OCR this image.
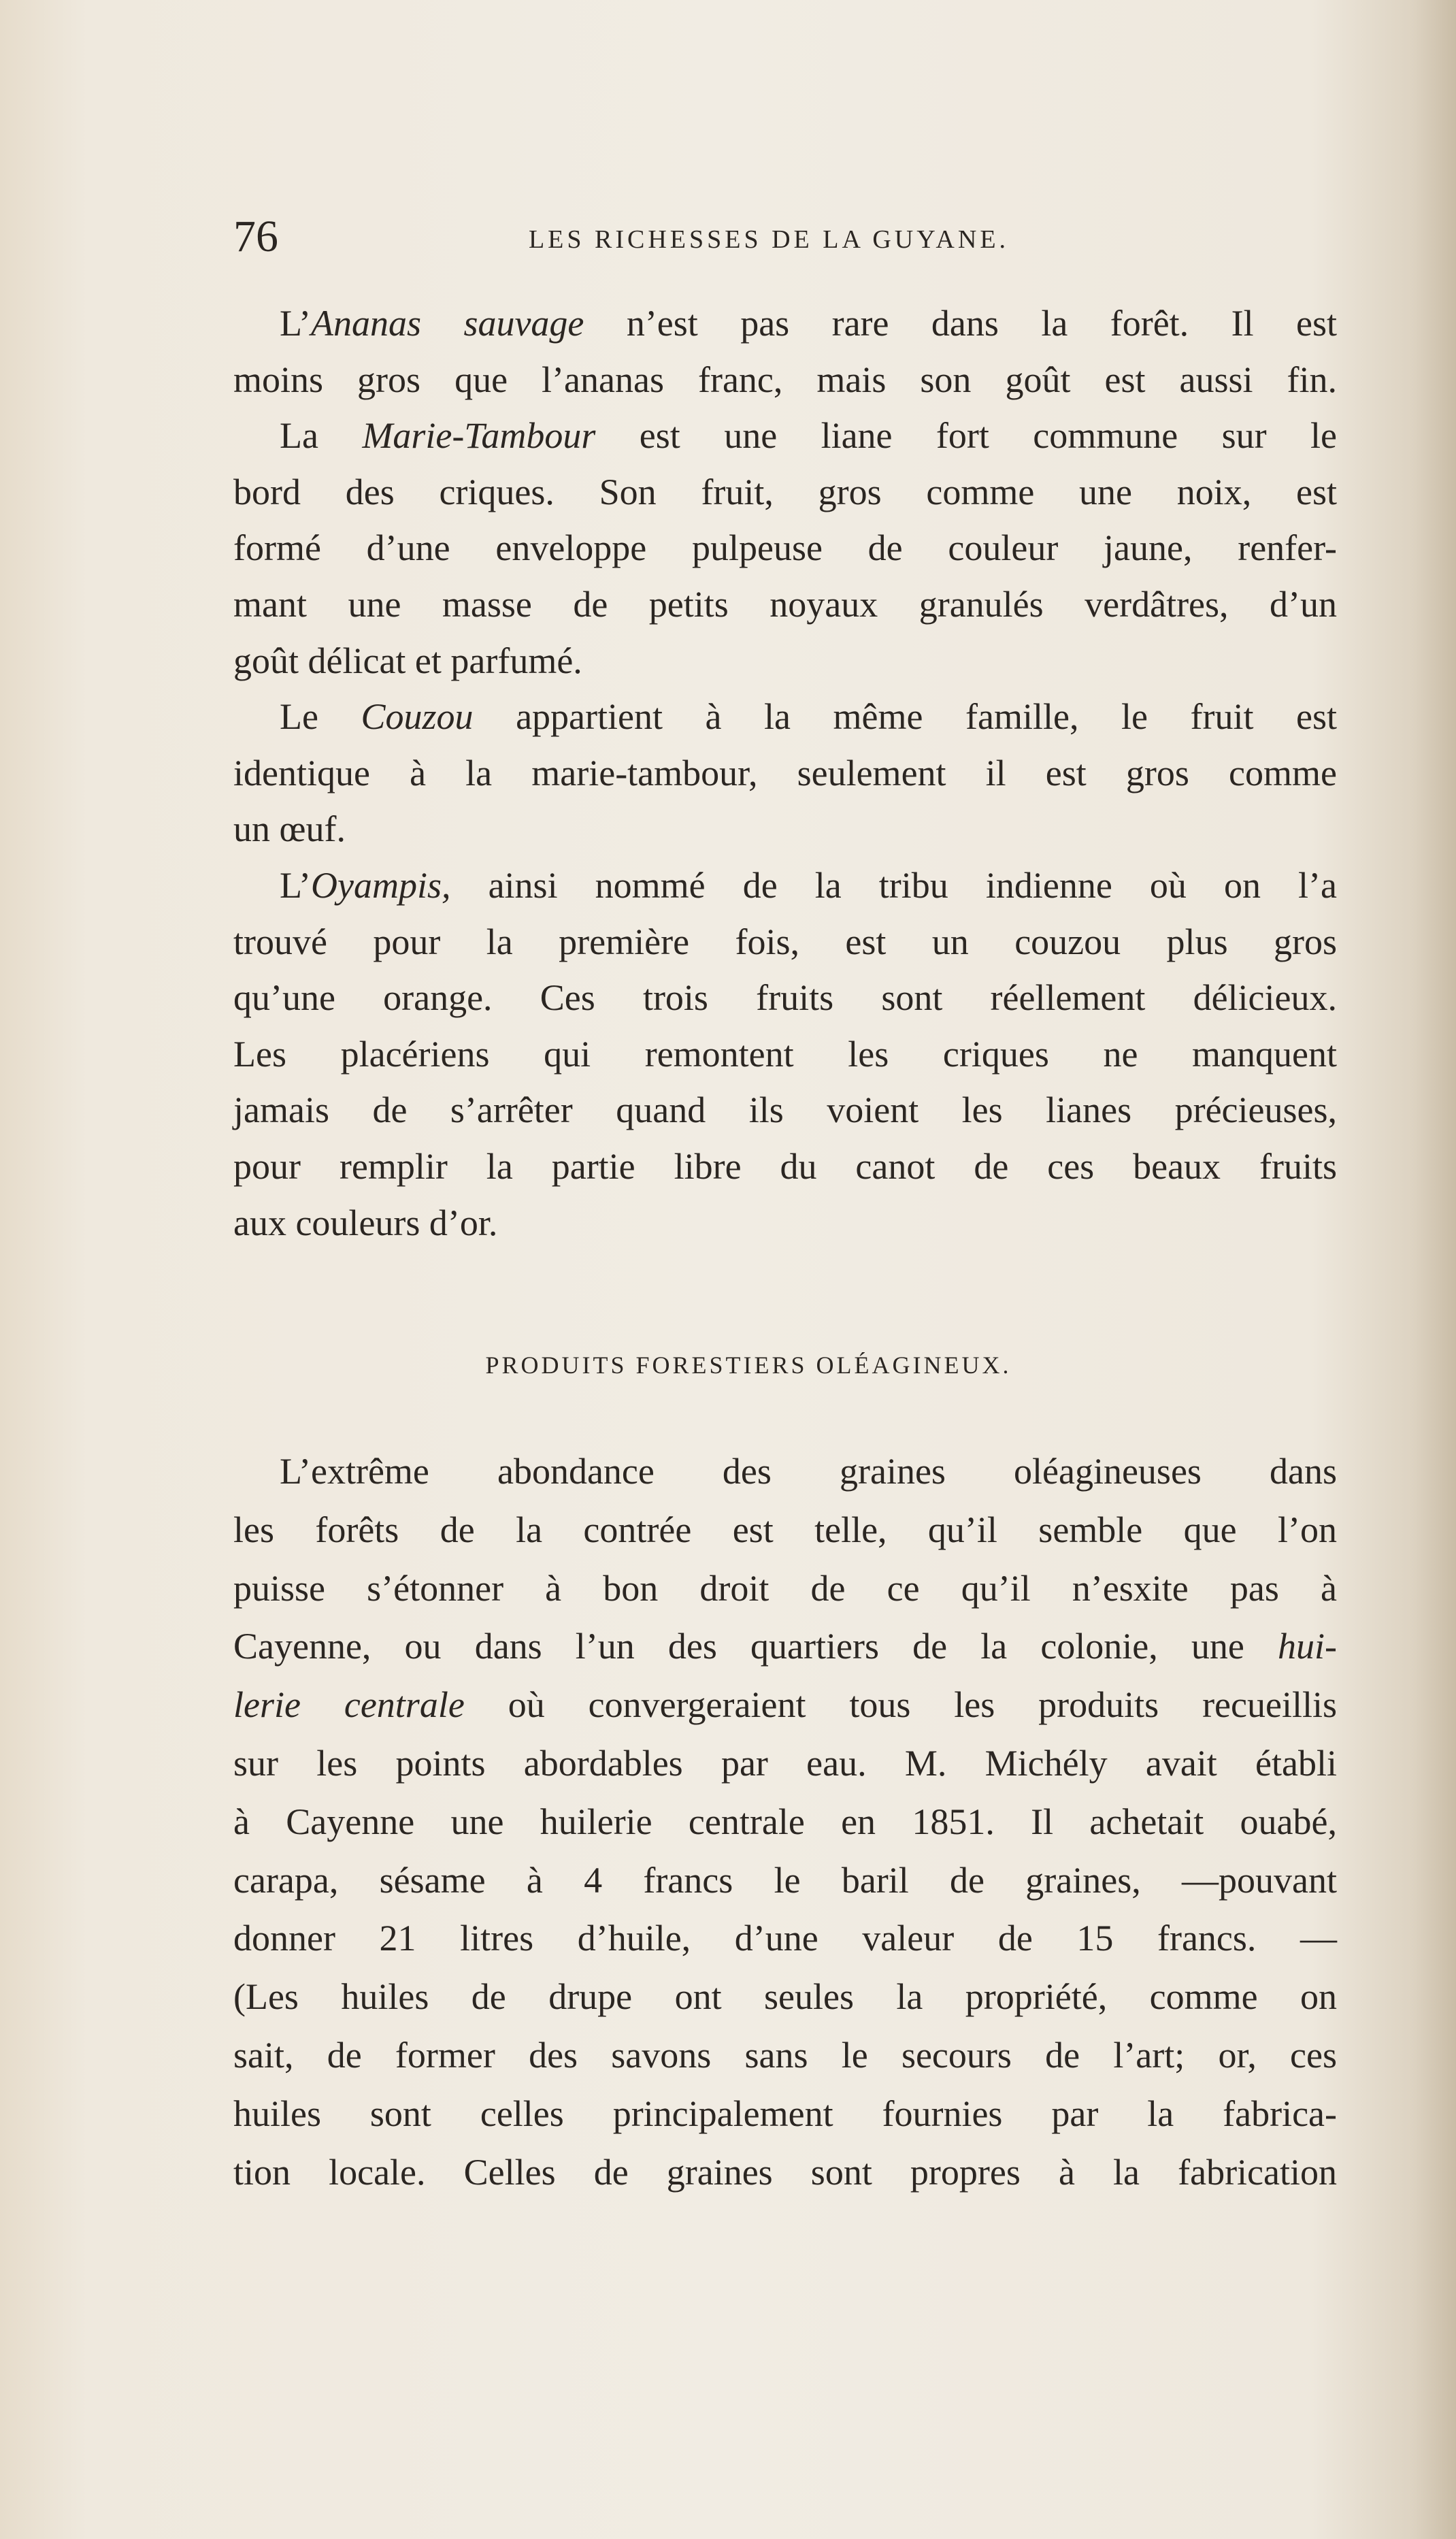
76	LES RICHESSES DE LA GUYANE.
L’Ananas sauvage n’est pas rare dans la forêt. Il est
moins gros que l’ananas franc, mais son goût est aussi fin.
La Marie-Tambour est une liane fort commune sur le
bord des criques. Son fruit, gros comme une noix, est
formé d’une enveloppe pulpeuse de couleur jaune, renfer-
mant une masse de petits noyaux granulés verdâtres, d’un
goût délicat et parfumé.
Le Couzou appartient à la même famille, le fruit est
identique à la marie-tambour, seulement il est gros comme
un œuf.
L’Oyampis, ainsi nommé de la tribu indienne où on l’a
trouvé pour la première fois, est un couzou plus gros
qu’une orange. Ces trois fruits sont réellement délicieux.
Les placériens qui remontent les criques ne manquent
jamais de s’arrêter quand ils voient les lianes précieuses,
pour remplir la partie libre du canot de ces beaux fruits
aux couleurs d’or.
PRODUITS FORESTIERS OLÉAGINEUX.
L’extrême abondance des graines oléagineuses dans
les forêts de la contrée est telle, qu’il semble que l’on
puisse s’étonner à bon droit de ce qu’il n’esxite pas à
Cayenne, ou dans l’un des quartiers de la colonie, une hui-
lerie centrale où convergeraient tous les produits recueillis
sur les points abordables par eau. M. Michély avait établi
à Cayenne une huilerie centrale en 1851. Il achetait ouabé,
carapa, sésame à 4 francs le baril de graines, —pouvant
donner 21 litres d’huile, d’une valeur de 15 francs. —
(Les huiles de drupe ont seules la propriété, comme on
sait, de former des savons sans le secours de l’art; or, ces
huiles sont celles principalement fournies par la fabrica-
tion locale. Celles de graines sont propres à la fabrication
